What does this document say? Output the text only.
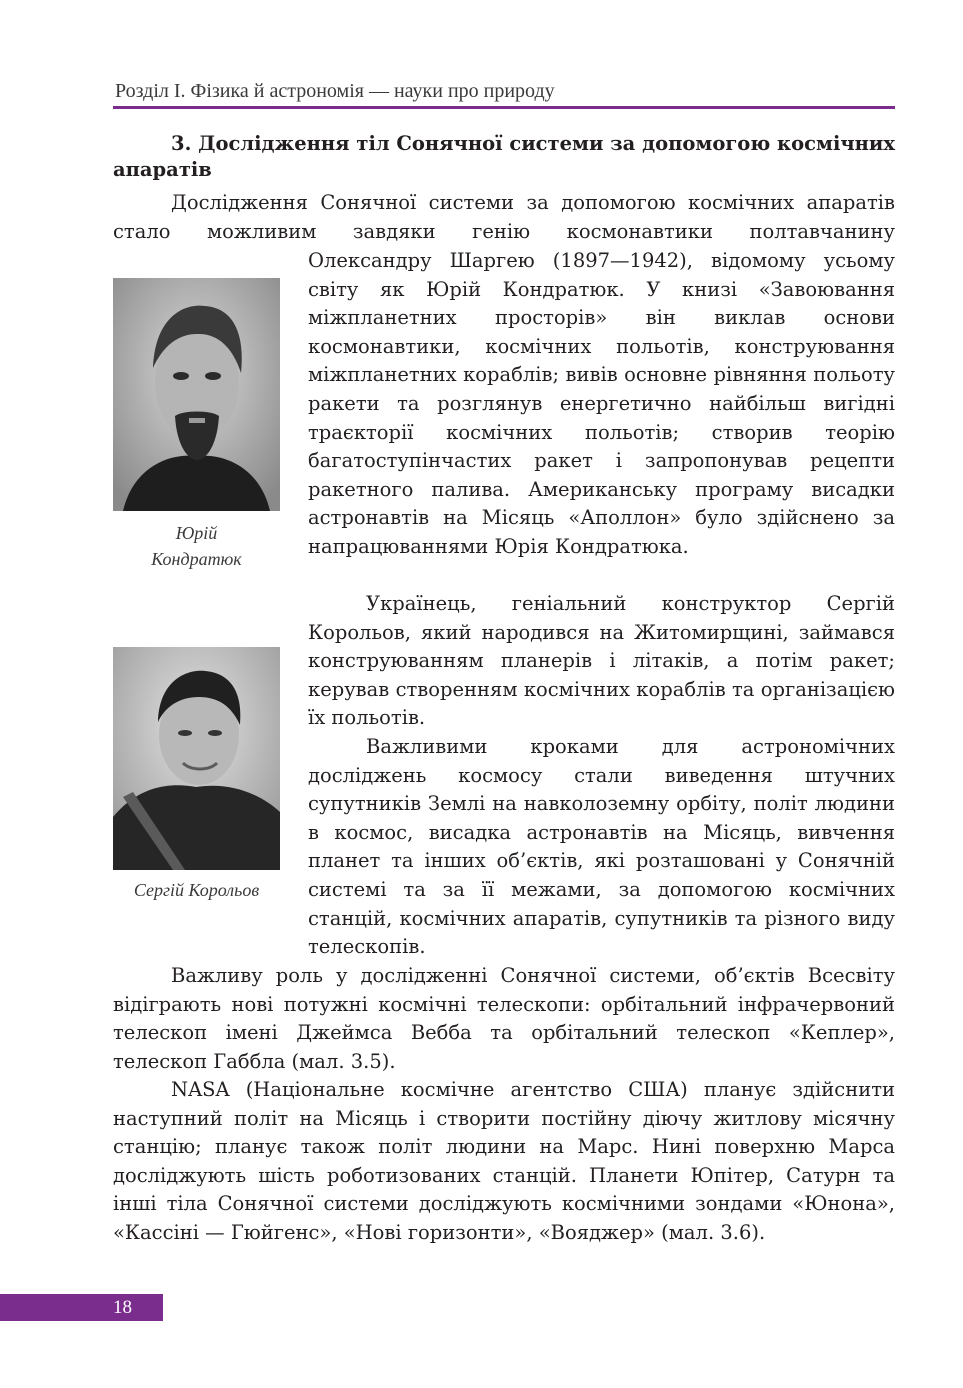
Розділ I. Фізика й астрономія — науки про природу
3. Дослідження тіл Сонячної системи за допомогою космічних апаратів

Дослідження Сонячної системи за допомогою космічних апаратів стало можливим завдяки генію космонавтики полтавчанину

Олександру Шаргею (1897—1942), відомому усьому світу як Юрій Кондратюк. У книзі «Завоювання міжпланетних просторів» він виклав основи космонавтики, космічних польотів, конструювання міжпланетних кораблів; вивів основне рівняння польоту ракети та розглянув енергетично найбільш вигідні траєкторії космічних польотів; створив теорію багатоступінчастих ракет і запропонував рецепти ракетного палива. Американську програму висадки астронавтів на Місяць «Аполлон» було здійснено за напрацюваннями Юрія Кондратюка.

Юрій
Кондратюк

Українець, геніальний конструктор Сергій Корольов, який народився на Житомирщині, займався конструюванням планерів і літаків, а потім ракет; керував створенням космічних кораблів та організацією їх польотів.

Сергій Корольов

Важливими кроками для астрономічних досліджень космосу стали виведення штучних супутників Землі на навколоземну орбіту, політ людини в космос, висадка астронавтів на Місяць, вивчення планет та інших об’єктів, які розташовані у Сонячній системі та за її межами, за допомогою космічних станцій, космічних апаратів, супутників та різного виду телескопів.

Важливу роль у дослідженні Сонячної системи, об’єктів Всесвіту відіграють нові потужні космічні телескопи: орбітальний інфрачервоний телескоп імені Джеймса Вебба та орбітальний телескоп «Кеплер», телескоп Габбла (мал. 3.5).

NASA (Національне космічне агентство США) планує здійснити наступний політ на Місяць і створити постійну діючу житлову місячну станцію; планує також політ людини на Марс. Нині поверхню Марса досліджують шість роботизованих станцій. Планети Юпітер, Сатурн та інші тіла Сонячної системи досліджують космічними зондами «Юнона», «Кассіні — Гюйгенс», «Нові горизонти», «Вояджер» (мал. 3.6).

18
